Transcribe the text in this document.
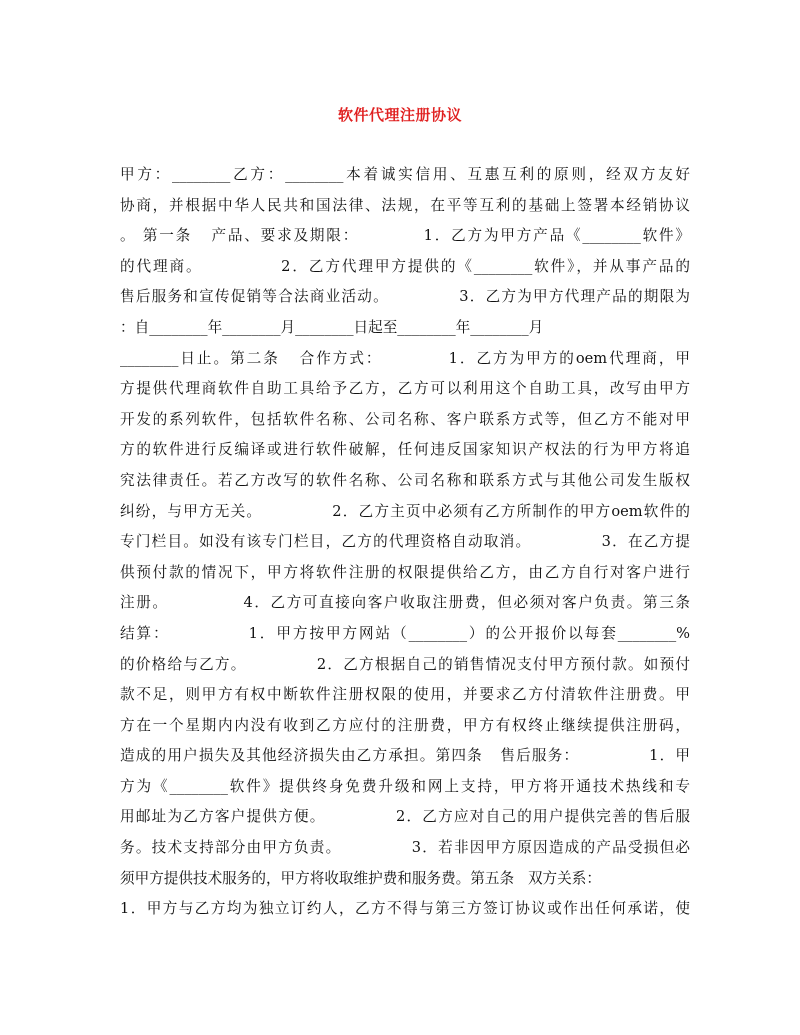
软件代理注册协议
甲方：________乙方：________本着诚实信用、互惠互利的原则，经双方友好
协商，并根据中华人民共和国法律、法规，在平等互利的基础上签署本经销协议
。 第一条   产品、要求及期限：          1．乙方为甲方产品《________软件》
的代理商。            2．乙方代理甲方提供的《________软件》，并从事产品的
售后服务和宣传促销等合法商业活动。            3．乙方为甲方代理产品的期限为
：自________年________月________日起至________年________月
________日止。第二条   合作方式：          1．乙方为甲方的oem代理商，甲
方提供代理商软件自助工具给予乙方，乙方可以利用这个自助工具，改写由甲方
开发的系列软件，包括软件名称、公司名称、客户联系方式等，但乙方不能对甲
方的软件进行反编译或进行软件破解，任何违反国家知识产权法的行为甲方将追
究法律责任。若乙方改写的软件名称、公司名称和联系方式与其他公司发生版权
纠纷，与甲方无关。            2．乙方主页中必须有乙方所制作的甲方oem软件的
专门栏目。如没有该专门栏目，乙方的代理资格自动取消。            3．在乙方提
供预付款的情况下，甲方将软件注册的权限提供给乙方，由乙方自行对客户进行
注册。            4．乙方可直接向客户收取注册费，但必须对客户负责。第三条
结算：            1．甲方按甲方网站（________）的公开报价以每套________%
的价格给与乙方。            2．乙方根据自己的销售情况支付甲方预付款。如预付
款不足，则甲方有权中断软件注册权限的使用，并要求乙方付清软件注册费。甲
方在一个星期内内没有收到乙方应付的注册费，甲方有权终止继续提供注册码，
造成的用户损失及其他经济损失由乙方承担。第四条   售后服务：            1．甲
方为《________软件》提供终身免费升级和网上支持，甲方将开通技术热线和专
用邮址为乙方客户提供方便。            2．乙方应对自己的用户提供完善的售后服
务。技术支持部分由甲方负责。            3．若非因甲方原因造成的产品受损但必
须甲方提供技术服务的，甲方将收取维护费和服务费。第五条   双方关系：
1．甲方与乙方均为独立订约人，乙方不得与第三方签订协议或作出任何承诺，使
